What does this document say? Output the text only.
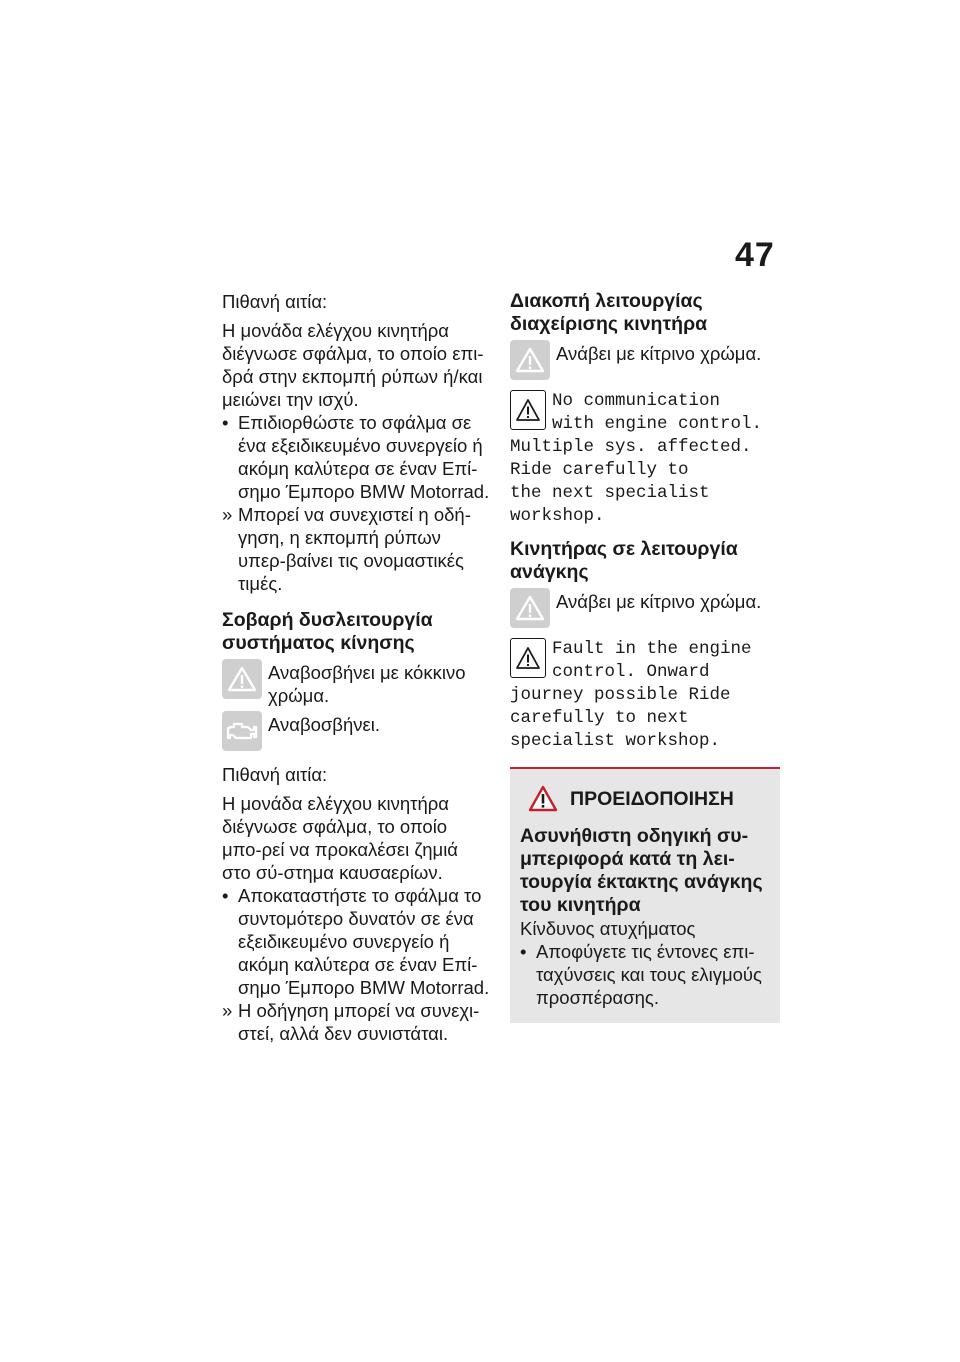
47

Πιθανή αιτία:

Η μονάδα ελέγχου κινητήρα διέγνωσε σφάλμα, το οποίο επι-δρά στην εκπομπή ρύπων ή/και μειώνει την ισχύ.

• Επιδιορθώστε το σφάλμα σε ένα εξειδικευμένο συνεργείο ή ακόμη καλύτερα σε έναν Επί-σημο Έμπορο BMW Motorrad.
» Μπορεί να συνεχιστεί η οδή-γηση, η εκπομπή ρύπων υπερ-βαίνει τις ονομαστικές τιμές.
Σοβαρή δυσλειτουργία συστήματος κίνησης
Αναβοσβήνει με κόκκινο χρώμα.
Αναβοσβήνει.

Πιθανή αιτία:

Η μονάδα ελέγχου κινητήρα διέγνωσε σφάλμα, το οποίο μπο-ρεί να προκαλέσει ζημιά στο σύ-στημα καυσαερίων.

• Αποκαταστήστε το σφάλμα το συντομότερο δυνατόν σε ένα εξειδικευμένο συνεργείο ή ακόμη καλύτερα σε έναν Επί-σημο Έμπορο BMW Motorrad.
» Η οδήγηση μπορεί να συνεχι-στεί, αλλά δεν συνιστάται.
Διακοπή λειτουργίας διαχείρισης κινητήρα
Ανάβει με κίτρινο χρώμα.
No communication
with engine control.
Multiple sys. affected.
Ride carefully to
the next specialist
workshop.
Κινητήρας σε λειτουργία ανάγκης
Ανάβει με κίτρινο χρώμα.
Fault in the engine
control. Onward
journey possible Ride
carefully to next
specialist workshop.
ΠΡΟΕΙΔΟΠΟΙΗΣΗ
Ασυνήθιστη οδηγική συ-μπεριφορά κατά τη λει-τουργία έκτακτης ανάγκης του κινητήρα

Κίνδυνος ατυχήματος

• Αποφύγετε τις έντονες επι-ταχύνσεις και τους ελιγμούς προσπέρασης.
